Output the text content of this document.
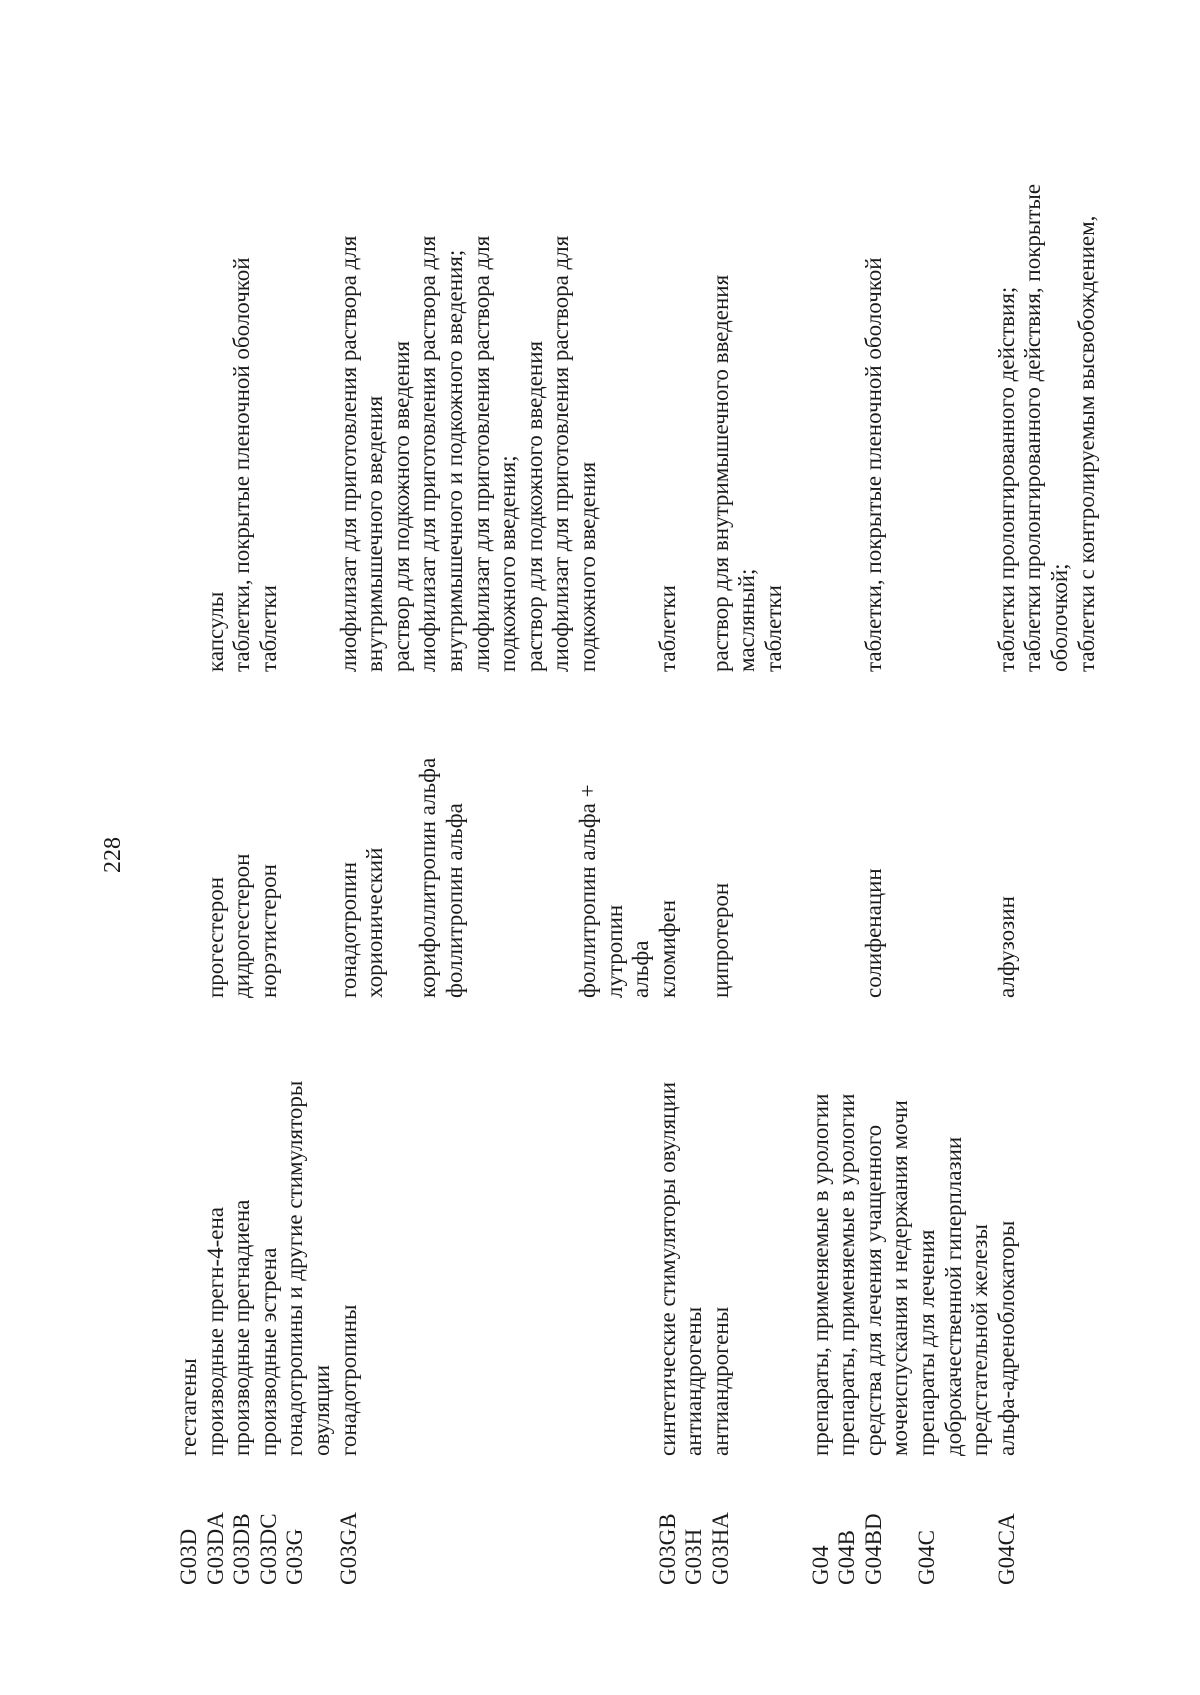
228
G03D
гестагены
G03DA
производные прегн-4-ена
прогестерон
капсулы
G03DB
производные прегнадиена
дидрогестерон
таблетки, покрытые пленочной оболочкой
G03DC
производные эстрена
норэтистерон
таблетки
G03G
гонадотропины и другие стимуляторы
овуляции
G03GA
гонадотропины
гонадотропин хорионический

корифоллитропин альфа
фоллитропин альфа

фоллитропин альфа + лутропин
альфа
лиофилизат для приготовления раствора для
внутримышечного введения
раствор для подкожного введения
лиофилизат для приготовления раствора для
внутримышечного и подкожного введения;
лиофилизат для приготовления раствора для
подкожного введения;
раствор для подкожного введения
лиофилизат для приготовления раствора для
подкожного введения
G03GB
синтетические стимуляторы овуляции
кломифен
таблетки
G03H
антиандрогены
G03HA
антиандрогены
ципротерон
раствор для внутримышечного введения
масляный;
таблетки
G04
препараты, применяемые в урологии
G04B
препараты, применяемые в урологии
G04BD
средства для лечения учащенного
мочеиспускания и недержания мочи
солифенацин
таблетки, покрытые пленочной оболочкой
G04C
препараты для лечения
доброкачественной гиперплазии
предстательной железы
G04CA
альфа-адреноблокаторы
алфузозин
таблетки пролонгированного действия;
таблетки пролонгированного действия, покрытые
оболочкой;
таблетки с контролируемым высвобождением,
